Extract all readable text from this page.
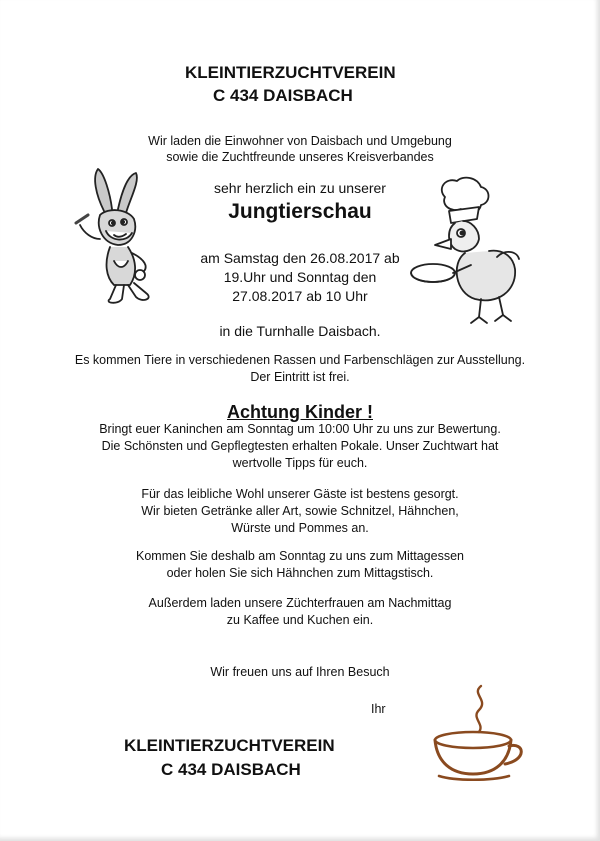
KLEINTIERZUCHTVEREIN
C 434 DAISBACH
Wir laden die Einwohner von Daisbach und Umgebung
sowie die Zuchtfreunde unseres Kreisverbandes
sehr herzlich ein zu unserer
Jungtierschau
am Samstag den 26.08.2017 ab
19.Uhr und Sonntag den
27.08.2017 ab 10 Uhr
in die Turnhalle Daisbach.
Es kommen Tiere in verschiedenen Rassen und Farbenschlägen zur Ausstellung.
Der Eintritt ist frei.
Achtung Kinder !
Bringt euer Kaninchen am Sonntag um 10:00 Uhr zu uns zur Bewertung.
Die Schönsten und Gepflegtesten erhalten Pokale. Unser Zuchtwart hat
wertvolle Tipps für euch.
Für das leibliche Wohl unserer Gäste ist bestens gesorgt.
Wir bieten Getränke aller Art, sowie Schnitzel, Hähnchen,
Würste und Pommes an.
Kommen Sie deshalb am Sonntag zu uns zum Mittagessen
oder holen Sie sich Hähnchen zum Mittagstisch.
Außerdem laden unsere Züchterfrauen am Nachmittag
zu Kaffee und Kuchen ein.
Wir freuen uns auf Ihren Besuch
Ihr
KLEINTIERZUCHTVEREIN
C 434 DAISBACH
